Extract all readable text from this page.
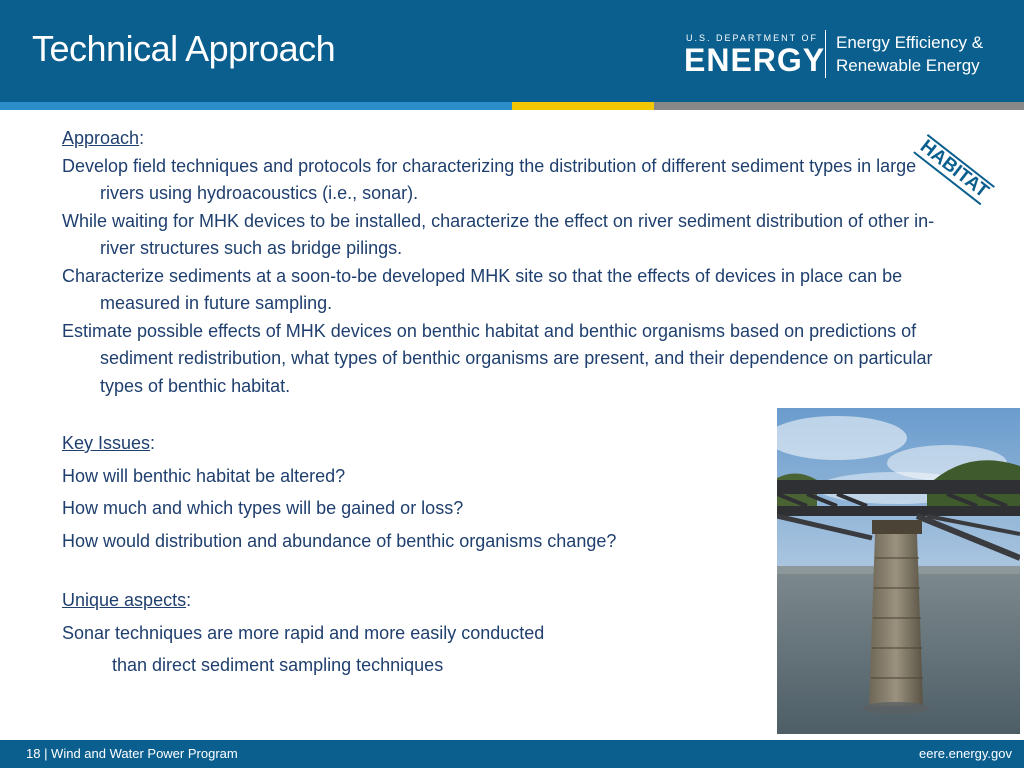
Technical Approach	U.S. DEPARTMENT OF
ENERGY Energy Efficiency &
Renewable Energy
HABITAT

Approach:

Develop field techniques and protocols for characterizing the distribution of different sediment types in large rivers using hydroacoustics (i.e., sonar).

While waiting for MHK devices to be installed, characterize the effect on river sediment distribution of other in-river structures such as bridge pilings.

Characterize sediments at a soon-to-be developed MHK site so that the effects of devices in place can be measured in future sampling.

Estimate possible effects of MHK devices on benthic habitat and benthic organisms based on predictions of sediment redistribution, what types of benthic organisms are present, and their dependence on particular types of benthic habitat.

Key Issues:

How will benthic habitat be altered?

How much and which types will be gained or loss?

How would distribution and abundance of benthic organisms change?

Unique aspects:

Sonar techniques are more rapid and more easily conducted

than direct sediment sampling techniques

18 | Wind and Water Power Program	eere.energy.gov
